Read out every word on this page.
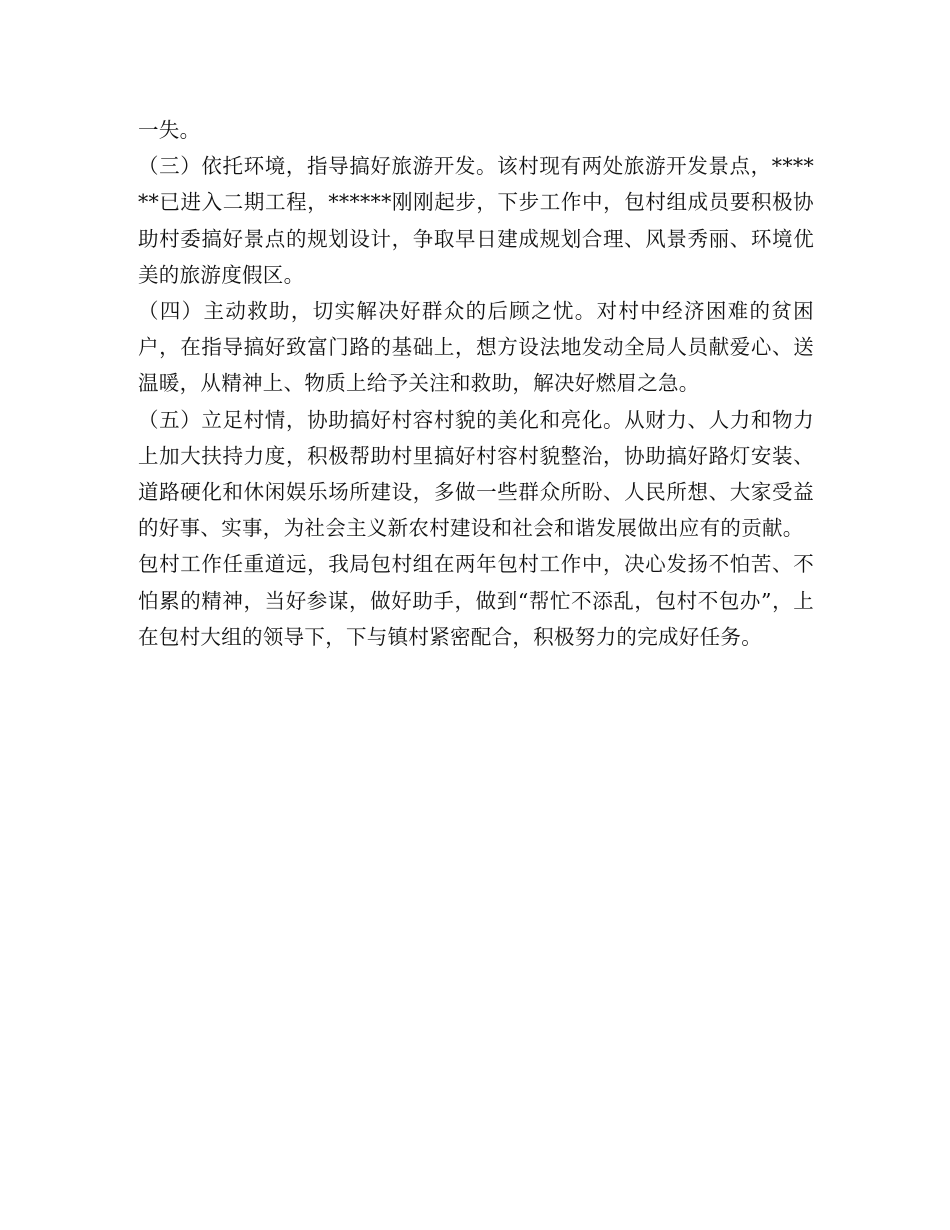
一失。

（三）依托环境，指导搞好旅游开发。该村现有两处旅游开发景点，******已进入二期工程，******刚刚起步，下步工作中，包村组成员要积极协助村委搞好景点的规划设计，争取早日建成规划合理、风景秀丽、环境优美的旅游度假区。

（四）主动救助，切实解决好群众的后顾之忧。对村中经济困难的贫困户，在指导搞好致富门路的基础上，想方设法地发动全局人员献爱心、送温暖，从精神上、物质上给予关注和救助，解决好燃眉之急。

（五）立足村情，协助搞好村容村貌的美化和亮化。从财力、人力和物力上加大扶持力度，积极帮助村里搞好村容村貌整治，协助搞好路灯安装、道路硬化和休闲娱乐场所建设，多做一些群众所盼、人民所想、大家受益的好事、实事，为社会主义新农村建设和社会和谐发展做出应有的贡献。

包村工作任重道远，我局包村组在两年包村工作中，决心发扬不怕苦、不怕累的精神，当好参谋，做好助手，做到“帮忙不添乱，包村不包办”，上在包村大组的领导下，下与镇村紧密配合，积极努力的完成好任务。
